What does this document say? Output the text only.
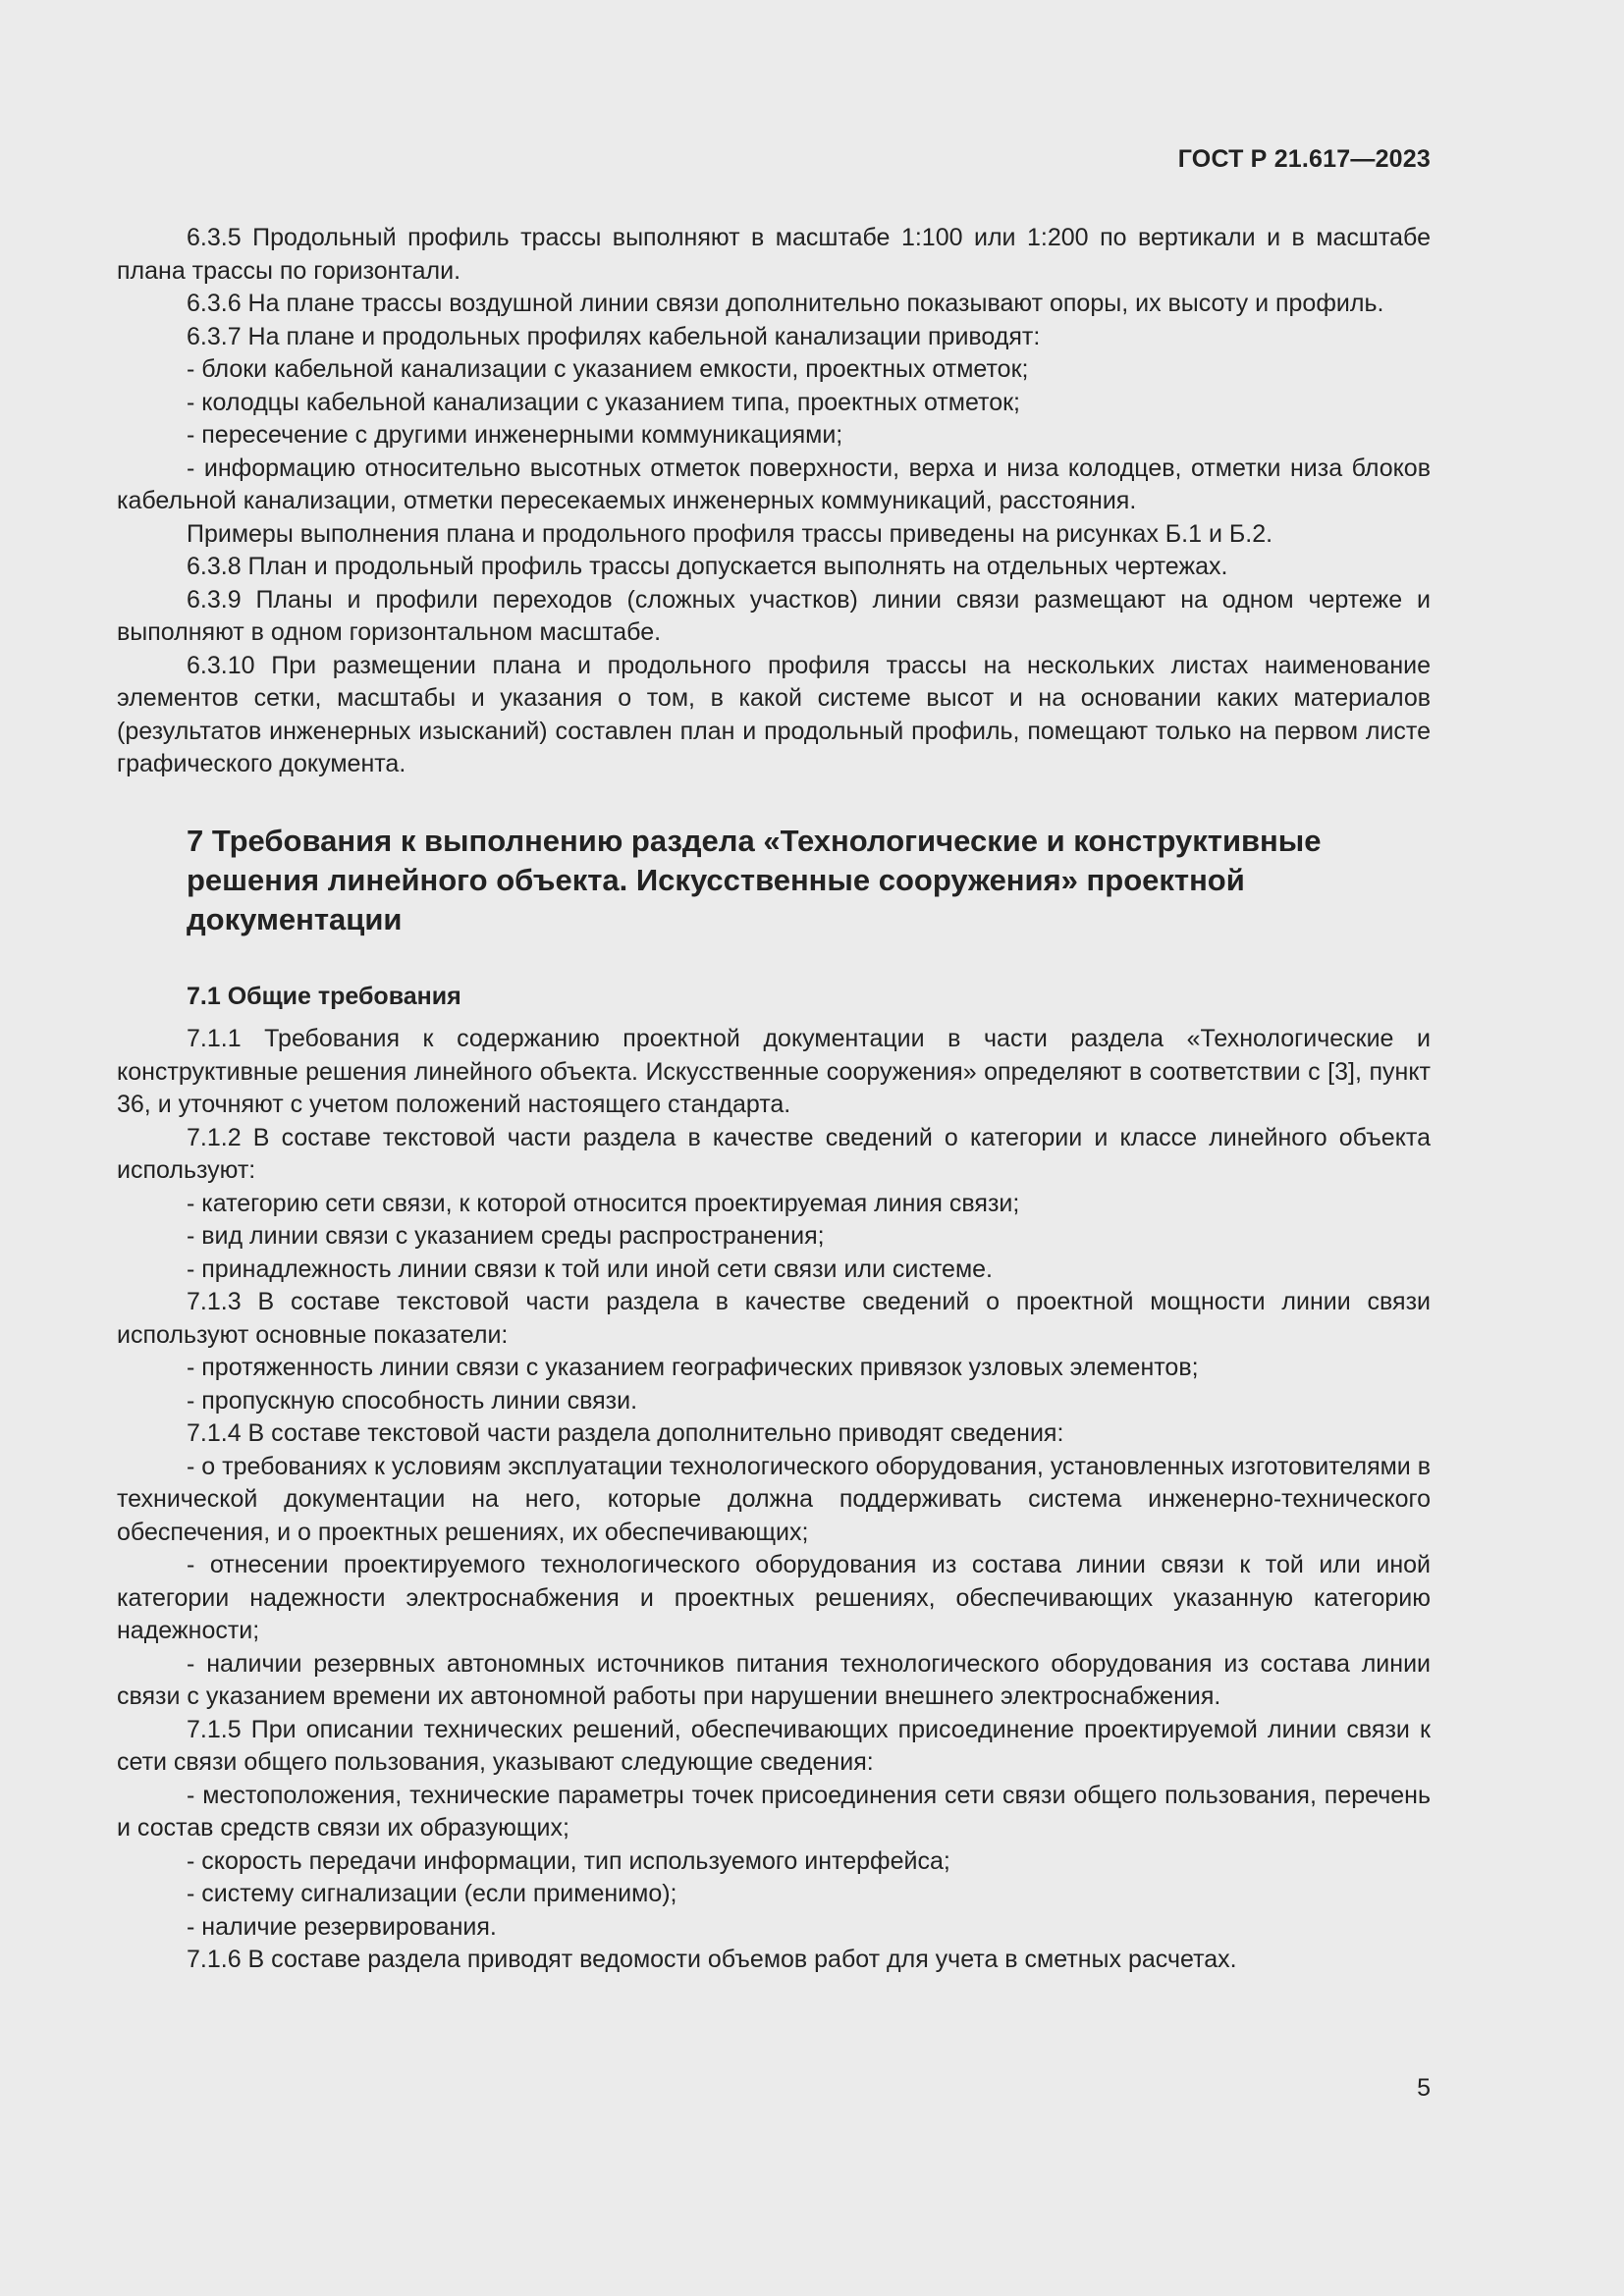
ГОСТ Р 21.617—2023

6.3.5 Продольный профиль трассы выполняют в масштабе 1:100 или 1:200 по вертикали и в масштабе плана трассы по горизонтали.

6.3.6 На плане трассы воздушной линии связи дополнительно показывают опоры, их высоту и профиль.

6.3.7 На плане и продольных профилях кабельной канализации приводят:

- блоки кабельной канализации с указанием емкости, проектных отметок;

- колодцы кабельной канализации с указанием типа, проектных отметок;

- пересечение с другими инженерными коммуникациями;

- информацию относительно высотных отметок поверхности, верха и низа колодцев, отметки низа блоков кабельной канализации, отметки пересекаемых инженерных коммуникаций, расстояния.

Примеры выполнения плана и продольного профиля трассы приведены на рисунках Б.1 и Б.2.

6.3.8 План и продольный профиль трассы допускается выполнять на отдельных чертежах.

6.3.9 Планы и профили переходов (сложных участков) линии связи размещают на одном чертеже и выполняют в одном горизонтальном масштабе.

6.3.10 При размещении плана и продольного профиля трассы на нескольких листах наименование элементов сетки, масштабы и указания о том, в какой системе высот и на основании каких материалов (результатов инженерных изысканий) составлен план и продольный профиль, помещают только на первом листе графического документа.

7 Требования к выполнению раздела «Технологические и конструктивные решения линейного объекта. Искусственные сооружения» проектной документации
7.1 Общие требования

7.1.1 Требования к содержанию проектной документации в части раздела «Технологические и конструктивные решения линейного объекта. Искусственные сооружения» определяют в соответствии с [3], пункт 36, и уточняют с учетом положений настоящего стандарта.

7.1.2 В составе текстовой части раздела в качестве сведений о категории и классе линейного объекта используют:

- категорию сети связи, к которой относится проектируемая линия связи;

- вид линии связи с указанием среды распространения;

- принадлежность линии связи к той или иной сети связи или системе.

7.1.3 В составе текстовой части раздела в качестве сведений о проектной мощности линии связи используют основные показатели:

- протяженность линии связи с указанием географических привязок узловых элементов;

- пропускную способность линии связи.

7.1.4 В составе текстовой части раздела дополнительно приводят сведения:

- о требованиях к условиям эксплуатации технологического оборудования, установленных изготовителями в технической документации на него, которые должна поддерживать система инженерно-технического обеспечения, и о проектных решениях, их обеспечивающих;

- отнесении проектируемого технологического оборудования из состава линии связи к той или иной категории надежности электроснабжения и проектных решениях, обеспечивающих указанную категорию надежности;

- наличии резервных автономных источников питания технологического оборудования из состава линии связи с указанием времени их автономной работы при нарушении внешнего электроснабжения.

7.1.5 При описании технических решений, обеспечивающих присоединение проектируемой линии связи к сети связи общего пользования, указывают следующие сведения:

- местоположения, технические параметры точек присоединения сети связи общего пользования, перечень и состав средств связи их образующих;

- скорость передачи информации, тип используемого интерфейса;

- систему сигнализации (если применимо);

- наличие резервирования.

7.1.6 В составе раздела приводят ведомости объемов работ для учета в сметных расчетах.

5
